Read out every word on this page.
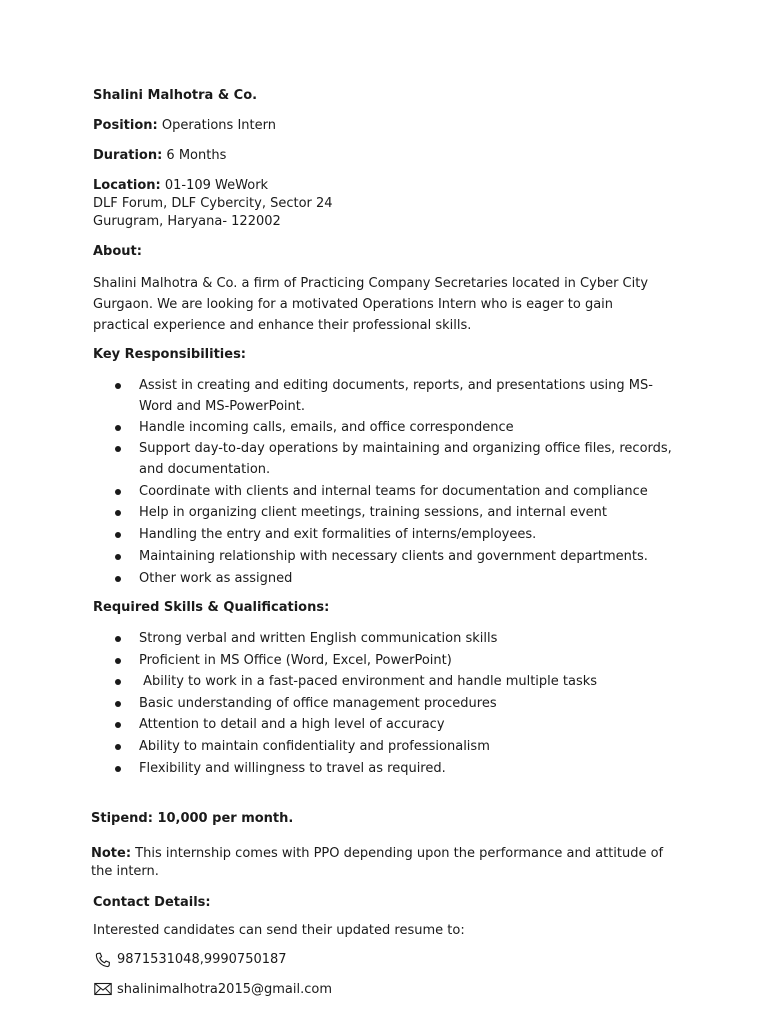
Shalini Malhotra & Co.
Position: Operations Intern
Duration: 6 Months
Location: 01-109 WeWork
DLF Forum, DLF Cybercity, Sector 24
Gurugram, Haryana- 122002
About:
Shalini Malhotra & Co. a firm of Practicing Company Secretaries located in Cyber City Gurgaon. We are looking for a motivated Operations Intern who is eager to gain practical experience and enhance their professional skills.
Key Responsibilities:
Assist in creating and editing documents, reports, and presentations using MS-Word and MS-PowerPoint.
Handle incoming calls, emails, and office correspondence
Support day-to-day operations by maintaining and organizing office files, records, and documentation.
Coordinate with clients and internal teams for documentation and compliance
Help in organizing client meetings, training sessions, and internal event
Handling the entry and exit formalities of interns/employees.
Maintaining relationship with necessary clients and government departments.
Other work as assigned
Required Skills & Qualifications:
Strong verbal and written English communication skills
Proficient in MS Office (Word, Excel, PowerPoint)
Ability to work in a fast-paced environment and handle multiple tasks
Basic understanding of office management procedures
Attention to detail and a high level of accuracy
Ability to maintain confidentiality and professionalism
Flexibility and willingness to travel as required.
Stipend: 10,000 per month.
Note: This internship comes with PPO depending upon the performance and attitude of the intern.
Contact Details:
Interested candidates can send their updated resume to:
9871531048,9990750187
shalinimalhotra2015@gmail.com
